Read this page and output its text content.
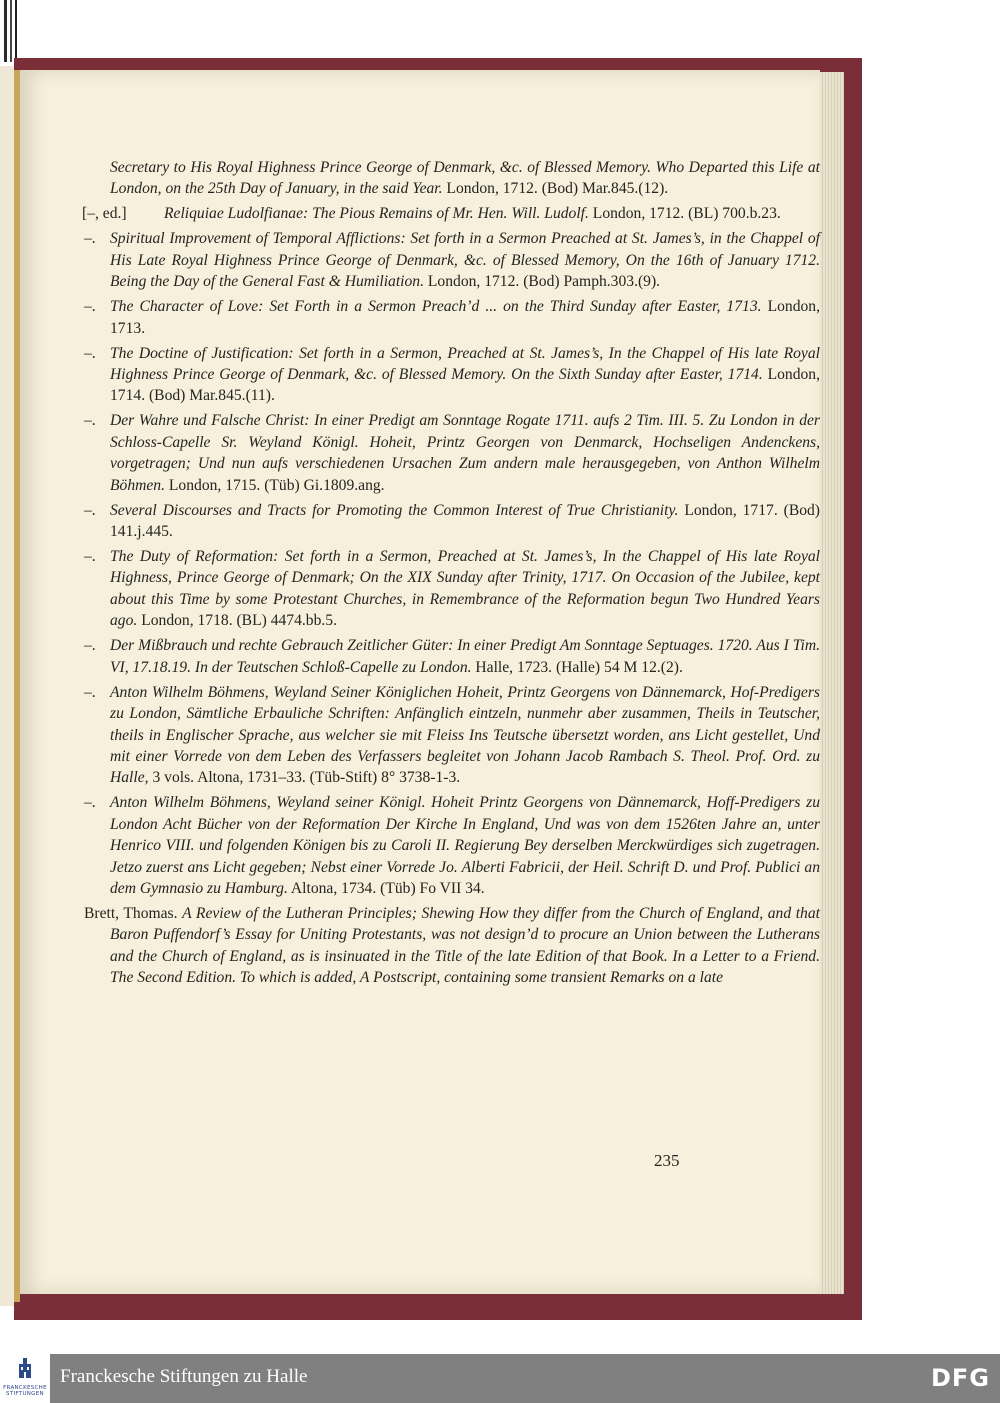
Secretary to His Royal Highness Prince George of Denmark, &c. of Blessed Memory. Who Departed this Life at London, on the 25th Day of January, in the said Year. London, 1712. (Bod) Mar.845.(12).
[–, ed.] Reliquiae Ludolfianae: The Pious Remains of Mr. Hen. Will. Ludolf. London, 1712. (BL) 700.b.23.
–. Spiritual Improvement of Temporal Afflictions: Set forth in a Sermon Preached at St. James’s, in the Chappel of His Late Royal Highness Prince George of Denmark, &c. of Blessed Memory, On the 16th of January 1712. Being the Day of the General Fast & Humiliation. London, 1712. (Bod) Pamph.303.(9).
–. The Character of Love: Set Forth in a Sermon Preach’d ... on the Third Sunday after Easter, 1713. London, 1713.
–. The Doctine of Justification: Set forth in a Sermon, Preached at St. James’s, In the Chappel of His late Royal Highness Prince George of Denmark, &c. of Blessed Memory. On the Sixth Sunday after Easter, 1714. London, 1714. (Bod) Mar.845.(11).
–. Der Wahre und Falsche Christ: In einer Predigt am Sonntage Rogate 1711. aufs 2 Tim. III. 5. Zu London in der Schloss-Capelle Sr. Weyland Königl. Hoheit, Printz Georgen von Denmarck, Hochseligen Andenckens, vorgetragen; Und nun aufs verschiedenen Ursachen Zum andern male herausgegeben, von Anthon Wilhelm Böhmen. London, 1715. (Tüb) Gi.1809.ang.
–. Several Discourses and Tracts for Promoting the Common Interest of True Christianity. London, 1717. (Bod) 141.j.445.
–. The Duty of Reformation: Set forth in a Sermon, Preached at St. James’s, In the Chappel of His late Royal Highness, Prince George of Denmark; On the XIX Sunday after Trinity, 1717. On Occasion of the Jubilee, kept about this Time by some Protestant Churches, in Remembrance of the Reformation begun Two Hundred Years ago. London, 1718. (BL) 4474.bb.5.
–. Der Mißbrauch und rechte Gebrauch Zeitlicher Güter: In einer Predigt Am Sonntage Septuages. 1720. Aus I Tim. VI, 17.18.19. In der Teutschen Schloß-Capelle zu London. Halle, 1723. (Halle) 54 M 12.(2).
–. Anton Wilhelm Böhmens, Weyland Seiner Königlichen Hoheit, Printz Georgens von Dännemarck, Hof-Predigers zu London, Sämtliche Erbauliche Schriften: Anfänglich eintzeln, nunmehr aber zusammen, Theils in Teutscher, theils in Englischer Sprache, aus welcher sie mit Fleiss Ins Teutsche übersetzt worden, ans Licht gestellet, Und mit einer Vorrede von dem Leben des Verfassers begleitet von Johann Jacob Rambach S. Theol. Prof. Ord. zu Halle, 3 vols. Altona, 1731–33. (Tüb-Stift) 8° 3738-1-3.
–. Anton Wilhelm Böhmens, Weyland seiner Königl. Hoheit Printz Georgens von Dännemarck, Hoff-Predigers zu London Acht Bücher von der Reformation Der Kirche In England, Und was von dem 1526ten Jahre an, unter Henrico VIII. und folgenden Königen bis zu Caroli II. Regierung Bey derselben Merckwürdiges sich zugetragen. Jetzo zuerst ans Licht gegeben; Nebst einer Vorrede Jo. Alberti Fabricii, der Heil. Schrift D. und Prof. Publici an dem Gymnasio zu Hamburg. Altona, 1734. (Tüb) Fo VII 34.
Brett, Thomas. A Review of the Lutheran Principles; Shewing How they differ from the Church of England, and that Baron Puffendorf’s Essay for Uniting Protestants, was not design’d to procure an Union between the Lutherans and the Church of England, as is insinuated in the Title of the late Edition of that Book. In a Letter to a Friend. The Second Edition. To which is added, A Postscript, containing some transient Remarks on a late
235
FRANCKESCHE
STIFTUNGEN
Franckesche Stiftungen zu Halle	DFG
